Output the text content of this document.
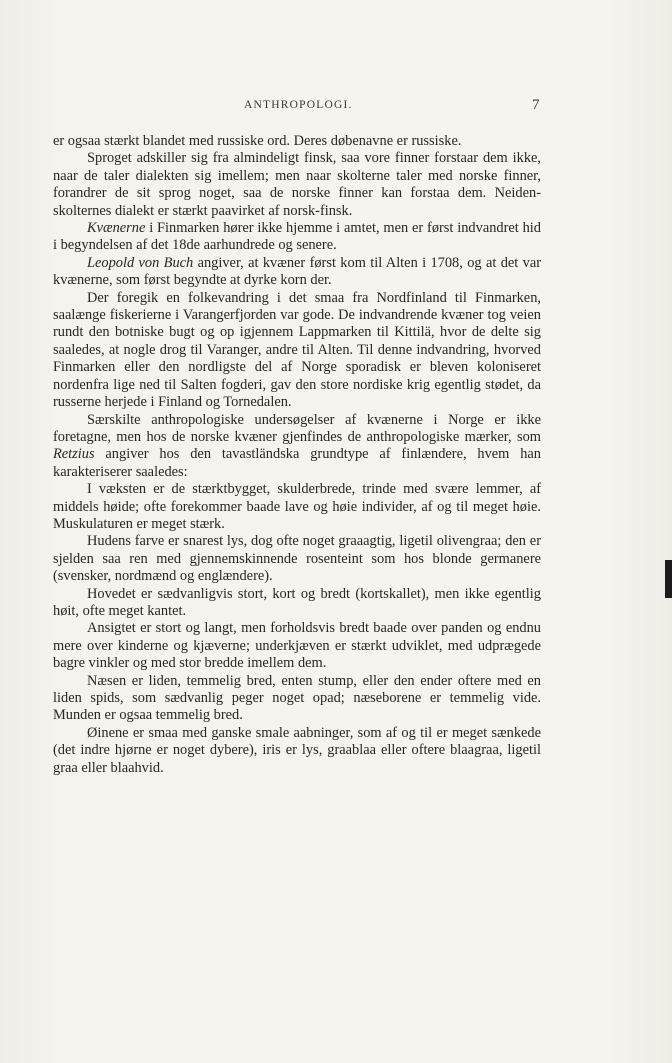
ANTHROPOLOGI.	7

er ogsaa stærkt blandet med russiske ord. Deres døbenavne er russiske.

Sproget adskiller sig fra almindeligt finsk, saa vore finner forstaar dem ikke, naar de taler dialekten sig imellem; men naar skolterne taler med norske finner, forandrer de sit sprog noget, saa de norske finner kan forstaa dem. Neiden-skolternes dialekt er stærkt paavirket af norsk-finsk.

Kvænerne i Finmarken hører ikke hjemme i amtet, men er først indvandret hid i begyndelsen af det 18de aarhundrede og senere.

Leopold von Buch angiver, at kvæner først kom til Alten i 1708, og at det var kvænerne, som først begyndte at dyrke korn der.

Der foregik en folkevandring i det smaa fra Nordfinland til Finmarken, saalænge fiskerierne i Varangerfjorden var gode. De indvandrende kvæner tog veien rundt den botniske bugt og op igjennem Lappmarken til Kittilä, hvor de delte sig saaledes, at nogle drog til Varanger, andre til Alten. Til denne indvandring, hvorved Finmarken eller den nordligste del af Norge sporadisk er bleven koloniseret nordenfra lige ned til Salten fogderi, gav den store nordiske krig egentlig stødet, da russerne herjede i Finland og Tornedalen.

Særskilte anthropologiske undersøgelser af kvænerne i Norge er ikke foretagne, men hos de norske kvæner gjenfindes de anthropologiske mærker, som Retzius angiver hos den tavastländska grundtype af finlændere, hvem han karakteriserer saaledes:

I væksten er de stærktbygget, skulderbrede, trinde med svære lemmer, af middels høide; ofte forekommer baade lave og høie individer, af og til meget høie. Muskulaturen er meget stærk.

Hudens farve er snarest lys, dog ofte noget graaagtig, ligetil olivengraa; den er sjelden saa ren med gjennemskinnende rosenteint som hos blonde germanere (svensker, nordmænd og englændere).

Hovedet er sædvanligvis stort, kort og bredt (kortskallet), men ikke egentlig høit, ofte meget kantet.

Ansigtet er stort og langt, men forholdsvis bredt baade over panden og endnu mere over kinderne og kjæverne; underkjæven er stærkt udviklet, med udprægede bagre vinkler og med stor bredde imellem dem.

Næsen er liden, temmelig bred, enten stump, eller den ender oftere med en liden spids, som sædvanlig peger noget opad; næseborene er temmelig vide. Munden er ogsaa temmelig bred.

Øinene er smaa med ganske smale aabninger, som af og til er meget sænkede (det indre hjørne er noget dybere), iris er lys, graablaa eller oftere blaagraa, ligetil graa eller blaahvid.
